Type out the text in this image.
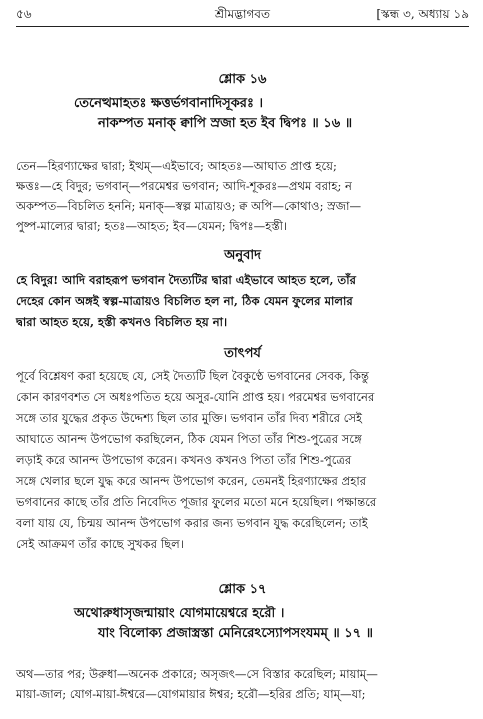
৫৬	শ্রীমদ্ভাগবত	[স্কন্ধ ৩, অধ্যায় ১৯
শ্লোক ১৬
তেনেত্থমাহতঃ ক্ষত্তর্ভগবানাদিসূকরঃ ।
নাকম্পত মনাক্ ক্বাপি স্রজা হত ইব দ্বিপঃ ॥ ১৬ ॥
তেন—হিরণ্যাক্ষের দ্বারা; ইত্থম্—এইভাবে; আহতঃ—আঘাত প্রাপ্ত হয়ে;
ক্ষত্তঃ—হে বিদুর; ভগবান্—পরমেশ্বর ভগবান; আদি-শূকরঃ—প্রথম বরাহ; ন
অকম্পত—বিচলিত হননি; মনাক্—স্বল্প মাত্রায়ও; ক্ব অপি—কোথাও; স্রজা—
পুষ্প-মাল্যের দ্বারা; হতঃ—আহত; ইব—যেমন; দ্বিপঃ—হস্তী।
অনুবাদ
হে বিদুর! আদি বরাহরূপ ভগবান দৈত্যটির দ্বারা এইভাবে আহত হলে, তাঁর
দেহের কোন অঙ্গই স্বল্প-মাত্রায়ও বিচলিত হল না, ঠিক যেমন ফুলের মালার
দ্বারা আহত হয়ে, হস্তী কখনও বিচলিত হয় না।
তাৎপর্য
পূর্বে বিশ্লেষণ করা হয়েছে যে, সেই দৈত্যটি ছিল বৈকুণ্ঠে ভগবানের সেবক, কিন্তু
কোন কারণবশত সে অধঃপতিত হয়ে অসুর-যোনি প্রাপ্ত হয়। পরমেশ্বর ভগবানের
সঙ্গে তার যুদ্ধের প্রকৃত উদ্দেশ্য ছিল তার মুক্তি। ভগবান তাঁর দিব্য শরীরে সেই
আঘাতে আনন্দ উপভোগ করছিলেন, ঠিক যেমন পিতা তাঁর শিশু-পুত্রের সঙ্গে
লড়াই করে আনন্দ উপভোগ করেন। কখনও কখনও পিতা তাঁর শিশু-পুত্রের
সঙ্গে খেলার ছলে যুদ্ধ করে আনন্দ উপভোগ করেন, তেমনই হিরণ্যাক্ষের প্রহার
ভগবানের কাছে তাঁর প্রতি নিবেদিত পূজার ফুলের মতো মনে হয়েছিল। পক্ষান্তরে
বলা যায় যে, চিন্ময় আনন্দ উপভোগ করার জন্য ভগবান যুদ্ধ করেছিলেন; তাই
সেই আক্রমণ তাঁর কাছে সুখকর ছিল।
শ্লোক ১৭
অথোরুধাসৃজন্মায়াং যোগমায়েশ্বরে হরৌ ।
যাং বিলোক্য প্রজাস্ত্রস্তা মেনিরেঽস্যোপসংযমম্ ॥ ১৭ ॥
অথ—তার পর; উরুধা—অনেক প্রকারে; অসৃজৎ—সে বিস্তার করেছিল; মায়াম্—
মায়া-জাল; যোগ-মায়া-ঈশ্বরে—যোগমায়ার ঈশ্বর; হরৌ—হরির প্রতি; যাম্—যা;
